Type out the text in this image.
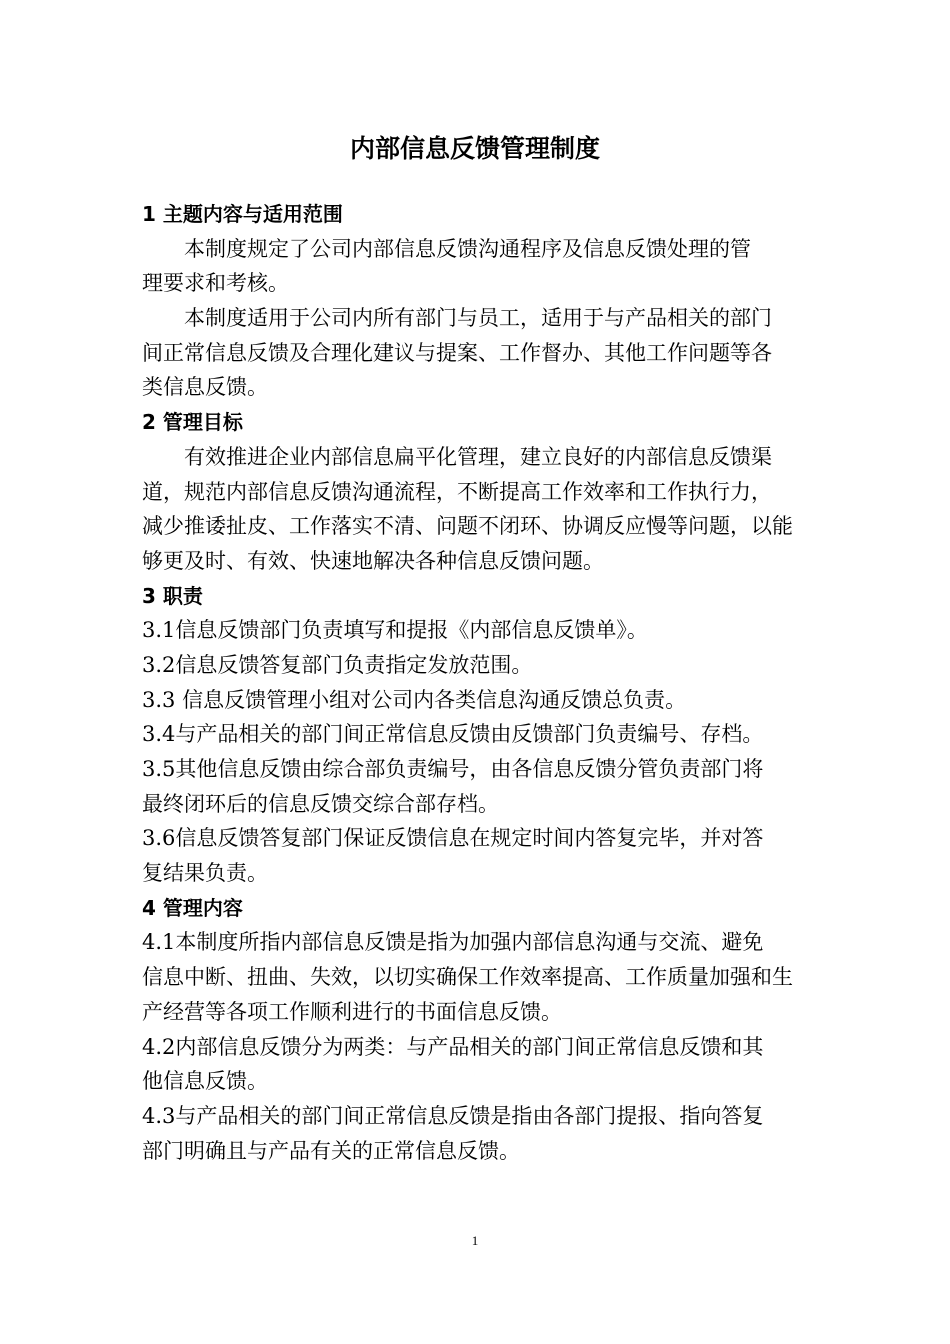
内部信息反馈管理制度
1 主题内容与适用范围
本制度规定了公司内部信息反馈沟通程序及信息反馈处理的管
理要求和考核。
本制度适用于公司内所有部门与员工，适用于与产品相关的部门
间正常信息反馈及合理化建议与提案、工作督办、其他工作问题等各
类信息反馈。
2 管理目标
有效推进企业内部信息扁平化管理，建立良好的内部信息反馈渠
道，规范内部信息反馈沟通流程，不断提高工作效率和工作执行力，
减少推诿扯皮、工作落实不清、问题不闭环、协调反应慢等问题，以能
够更及时、有效、快速地解决各种信息反馈问题。
3 职责
3.1信息反馈部门负责填写和提报《内部信息反馈单》。
3.2信息反馈答复部门负责指定发放范围。
3.3 信息反馈管理小组对公司内各类信息沟通反馈总负责。
3.4与产品相关的部门间正常信息反馈由反馈部门负责编号、存档。
3.5其他信息反馈由综合部负责编号，由各信息反馈分管负责部门将
最终闭环后的信息反馈交综合部存档。
3.6信息反馈答复部门保证反馈信息在规定时间内答复完毕，并对答
复结果负责。
4 管理内容
4.1本制度所指内部信息反馈是指为加强内部信息沟通与交流、避免
信息中断、扭曲、失效，以切实确保工作效率提高、工作质量加强和生
产经营等各项工作顺利进行的书面信息反馈。
4.2内部信息反馈分为两类：与产品相关的部门间正常信息反馈和其
他信息反馈。
4.3与产品相关的部门间正常信息反馈是指由各部门提报、指向答复
部门明确且与产品有关的正常信息反馈。
1
